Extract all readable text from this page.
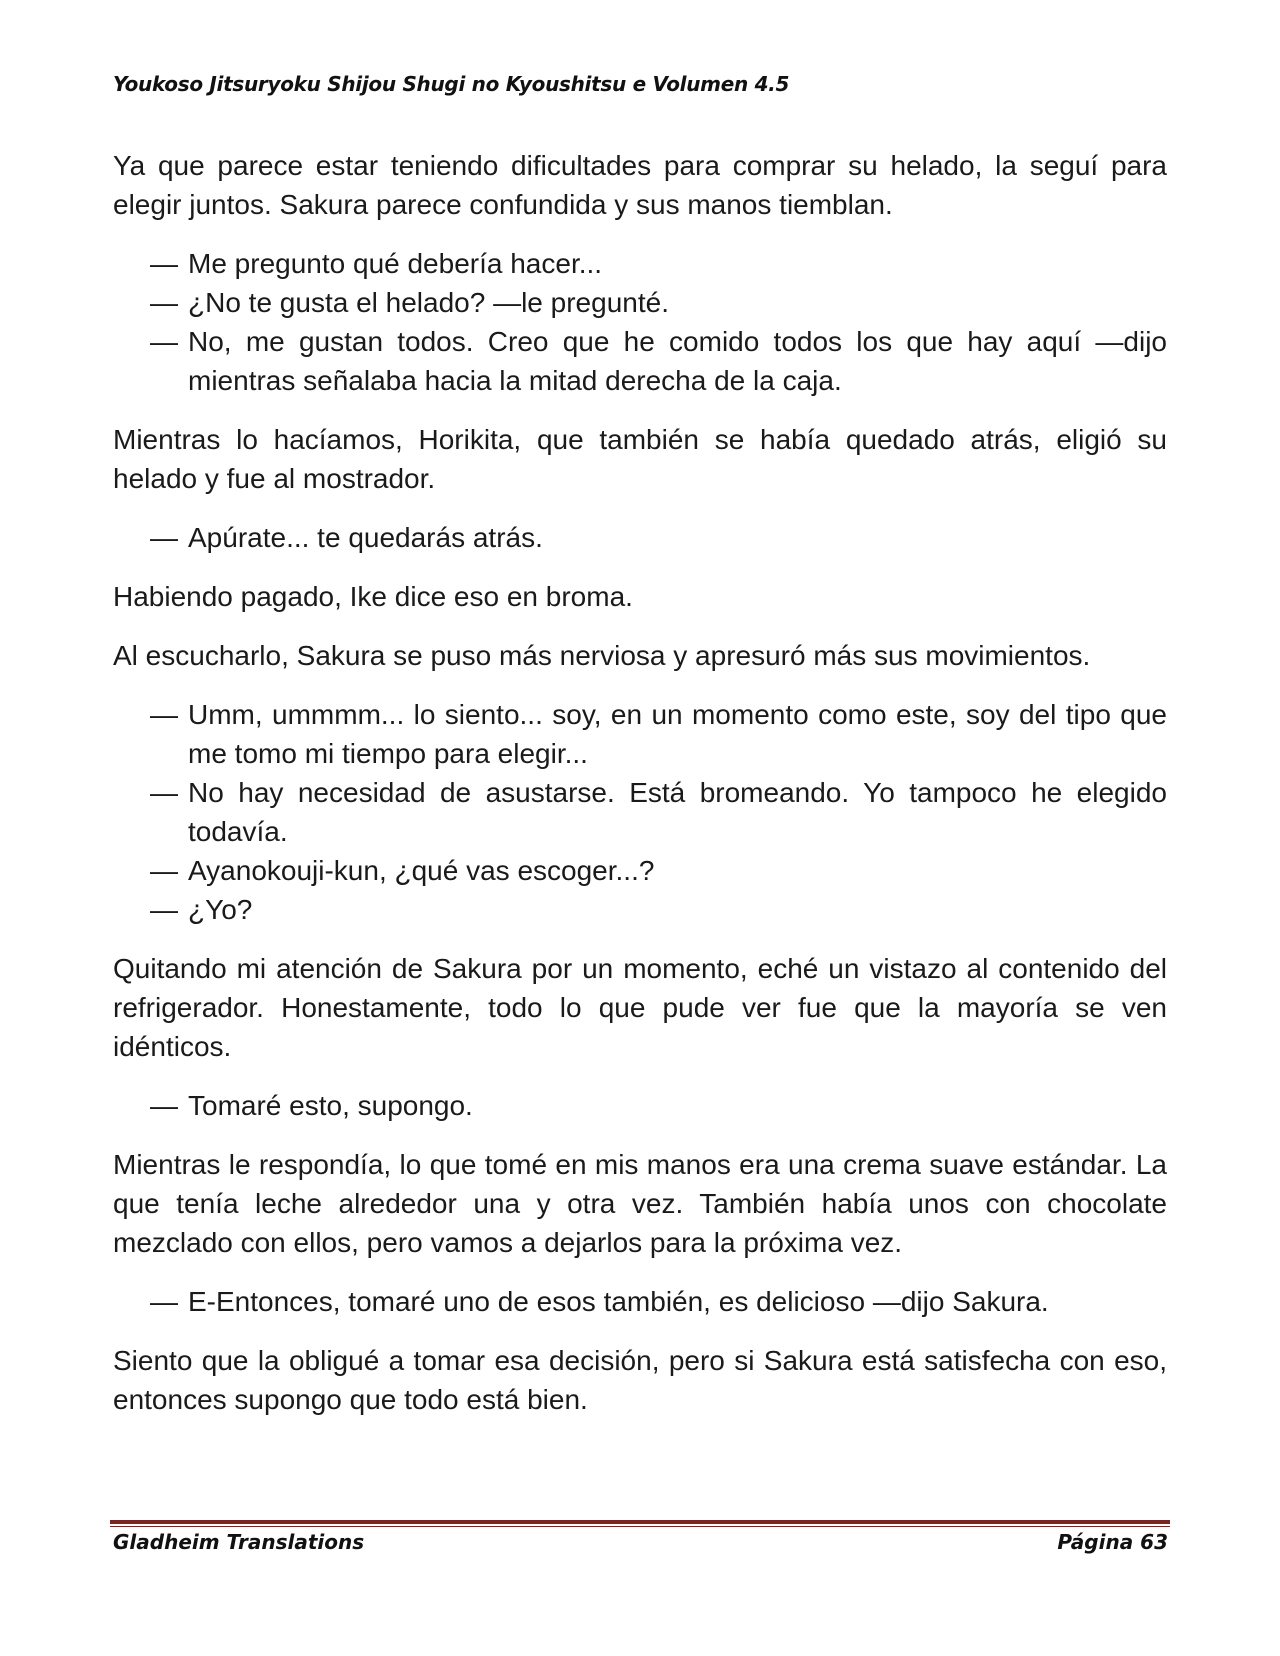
Youkoso Jitsuryoku Shijou Shugi no Kyoushitsu e Volumen 4.5

Ya que parece estar teniendo dificultades para comprar su helado, la seguí para elegir juntos. Sakura parece confundida y sus manos tiemblan.

— Me pregunto qué debería hacer...

— ¿No te gusta el helado? —le pregunté.

— No, me gustan todos. Creo que he comido todos los que hay aquí —dijo mientras señalaba hacia la mitad derecha de la caja.

Mientras lo hacíamos, Horikita, que también se había quedado atrás, eligió su helado y fue al mostrador.

— Apúrate... te quedarás atrás.

Habiendo pagado, Ike dice eso en broma.

Al escucharlo, Sakura se puso más nerviosa y apresuró más sus movimientos.

— Umm, ummmm... lo siento... soy, en un momento como este, soy del tipo que me tomo mi tiempo para elegir...

— No hay necesidad de asustarse. Está bromeando. Yo tampoco he elegido todavía.

— Ayanokouji-kun, ¿qué vas escoger...?

— ¿Yo?

Quitando mi atención de Sakura por un momento, eché un vistazo al contenido del refrigerador. Honestamente, todo lo que pude ver fue que la mayoría se ven idénticos.

— Tomaré esto, supongo.

Mientras le respondía, lo que tomé en mis manos era una crema suave estándar. La que tenía leche alrededor una y otra vez. También había unos con chocolate mezclado con ellos, pero vamos a dejarlos para la próxima vez.

— E-Entonces, tomaré uno de esos también, es delicioso —dijo Sakura.

Siento que la obligué a tomar esa decisión, pero si Sakura está satisfecha con eso, entonces supongo que todo está bien.

Gladheim Translations	Página 63
